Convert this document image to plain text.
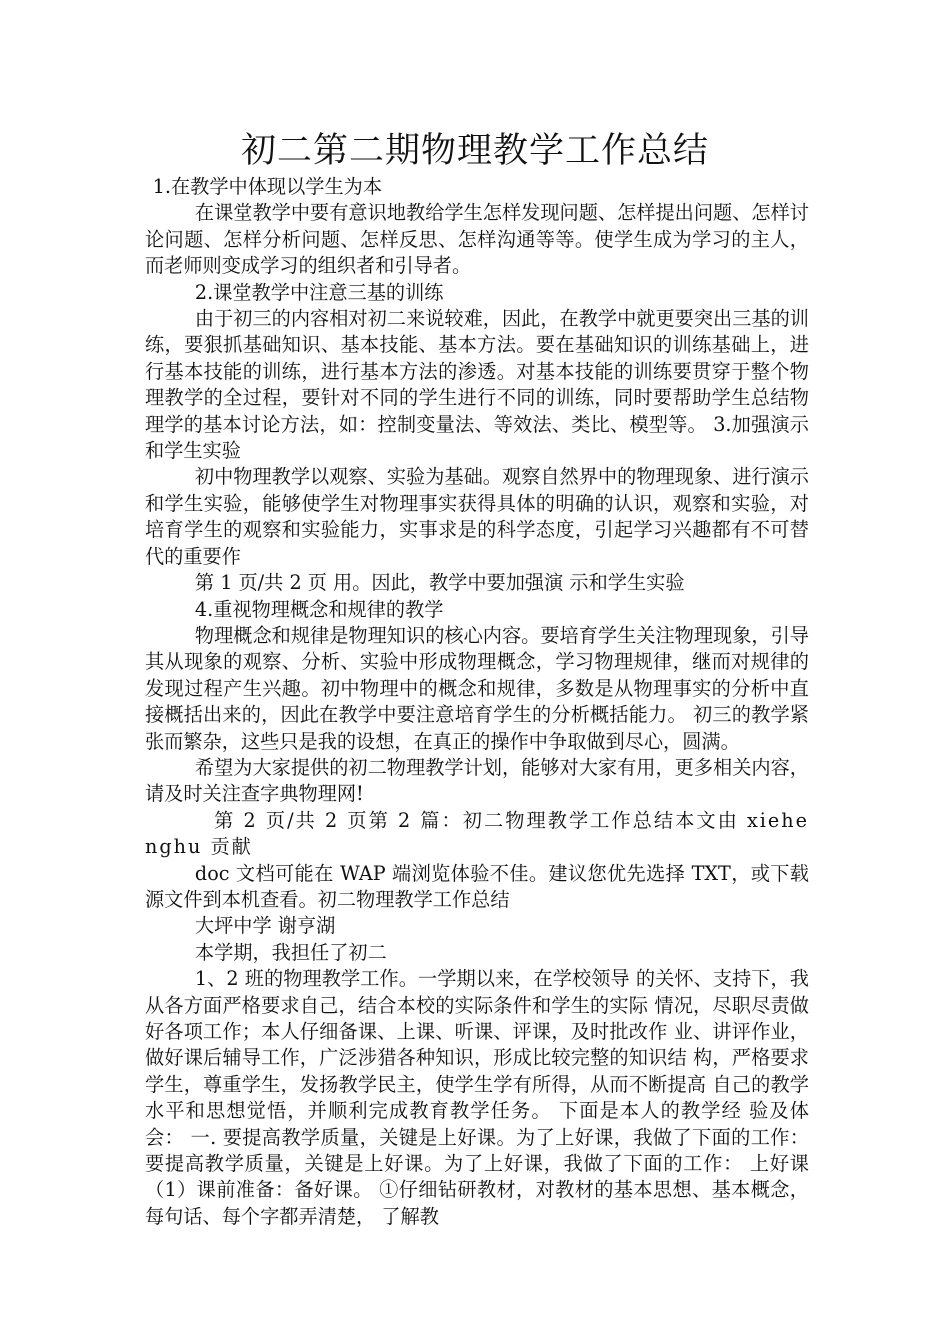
初二第二期物理教学工作总结

1.在教学中体现以学生为本

在课堂教学中要有意识地教给学生怎样发现问题、怎样提出问题、怎样讨论问题、怎样分析问题、怎样反思、怎样沟通等等。使学生成为学习的主人，而老师则变成学习的组织者和引导者。

2.课堂教学中注意三基的训练

由于初三的内容相对初二来说较难，因此，在教学中就更要突出三基的训练，要狠抓基础知识、基本技能、基本方法。要在基础知识的训练基础上，进行基本技能的训练，进行基本方法的渗透。对基本技能的训练要贯穿于整个物理教学的全过程，要针对不同的学生进行不同的训练，同时要帮助学生总结物理学的基本讨论方法，如：控制变量法、等效法、类比、模型等。 3.加强演示和学生实验

初中物理教学以观察、实验为基础。观察自然界中的物理现象、进行演示和学生实验，能够使学生对物理事实获得具体的明确的认识，观察和实验，对培育学生的观察和实验能力，实事求是的科学态度，引起学习兴趣都有不可替代的重要作

第 1 页/共 2 页 用。因此，教学中要加强演 示和学生实验

4.重视物理概念和规律的教学

物理概念和规律是物理知识的核心内容。要培育学生关注物理现象，引导其从现象的观察、分析、实验中形成物理概念，学习物理规律，继而对规律的发现过程产生兴趣。初中物理中的概念和规律，多数是从物理事实的分析中直接概括出来的，因此在教学中要注意培育学生的分析概括能力。 初三的教学紧张而繁杂，这些只是我的设想，在真正的操作中争取做到尽心，圆满。

希望为大家提供的初二物理教学计划，能够对大家有用，更多相关内容，请及时关注查字典物理网!

第 2 页/共 2 页第 2 篇：初二物理教学工作总结本文由 xiehenghu 贡献

doc 文档可能在 WAP 端浏览体验不佳。建议您优先选择 TXT，或下载源文件到本机查看。初二物理教学工作总结

大坪中学 谢亨湖

本学期，我担任了初二

1、2 班的物理教学工作。一学期以来，在学校领导 的关怀、支持下，我从各方面严格要求自己，结合本校的实际条件和学生的实际 情况，尽职尽责做好各项工作；本人仔细备课、上课、听课、评课，及时批改作 业、讲评作业，做好课后辅导工作，广泛涉猎各种知识，形成比较完整的知识结 构，严格要求学生，尊重学生，发扬教学民主，使学生学有所得，从而不断提高 自己的教学水平和思想觉悟，并顺利完成教育教学任务。 下面是本人的教学经 验及体会： 一. 要提高教学质量，关键是上好课。为了上好课，我做了下面的工作： 要提高教学质量，关键是上好课。为了上好课，我做了下面的工作： 上好课 （1）课前准备：备好课。 ①仔细钻研教材，对教材的基本思想、基本概念，每句话、每个字都弄清楚， 了解教
